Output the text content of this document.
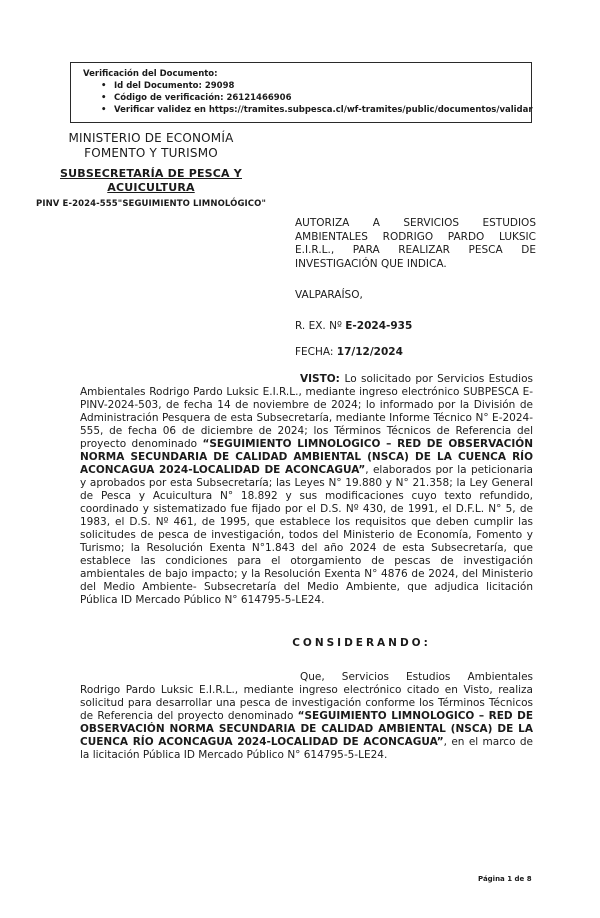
Verificación del Documento:
• Id del Documento: 29098
• Código de verificación: 26121466906
• Verificar validez en https://tramites.subpesca.cl/wf-tramites/public/documentos/validar
MINISTERIO DE ECONOMÍA
FOMENTO Y TURISMO
SUBSECRETARÍA DE PESCA Y
ACUICULTURA
PINV E-2024-555"SEGUIMIENTO LIMNOLÓGICO"
AUTORIZA A SERVICIOS ESTUDIOS AMBIENTALES RODRIGO PARDO LUKSIC E.I.R.L., PARA REALIZAR PESCA DE INVESTIGACIÓN QUE INDICA.
VALPARAÍSO,
R. EX. Nº E-2024-935
FECHA: 17/12/2024

VISTO: Lo solicitado por Servicios Estudios Ambientales Rodrigo Pardo Luksic E.I.R.L., mediante ingreso electrónico SUBPESCA E-PINV-2024-503, de fecha 14 de noviembre de 2024; lo informado por la División de Administración Pesquera de esta Subsecretaría, mediante Informe Técnico N° E-2024-555, de fecha 06 de diciembre de 2024; los Términos Técnicos de Referencia del proyecto denominado “SEGUIMIENTO LIMNOLOGICO – RED DE OBSERVACIÓN NORMA SECUNDARIA DE CALIDAD AMBIENTAL (NSCA) DE LA CUENCA RÍO ACONCAGUA 2024-LOCALIDAD DE ACONCAGUA”, elaborados por la peticionaria y aprobados por esta Subsecretaría; las Leyes N° 19.880 y N° 21.358; la Ley General de Pesca y Acuicultura N° 18.892 y sus modificaciones cuyo texto refundido, coordinado y sistematizado fue fijado por el D.S. Nº 430, de 1991, el D.F.L. N° 5, de 1983, el D.S. Nº 461, de 1995, que establece los requisitos que deben cumplir las solicitudes de pesca de investigación, todos del Ministerio de Economía, Fomento y Turismo; la Resolución Exenta N°1.843 del año 2024 de esta Subsecretaría, que establece las condiciones para el otorgamiento de pescas de investigación ambientales de bajo impacto; y la Resolución Exenta N° 4876 de 2024, del Ministerio del Medio Ambiente- Subsecretaría del Medio Ambiente, que adjudica licitación Pública ID Mercado Público N° 614795-5-LE24.

CONSIDERANDO:

Que, Servicios Estudios Ambientales Rodrigo Pardo Luksic E.I.R.L., mediante ingreso electrónico citado en Visto, realiza solicitud para desarrollar una pesca de investigación conforme los Términos Técnicos de Referencia del proyecto denominado “SEGUIMIENTO LIMNOLOGICO – RED DE OBSERVACIÓN NORMA SECUNDARIA DE CALIDAD AMBIENTAL (NSCA) DE LA CUENCA RÍO ACONCAGUA 2024-LOCALIDAD DE ACONCAGUA”, en el marco de la licitación Pública ID Mercado Público N° 614795-5-LE24.

Página 1 de 8
